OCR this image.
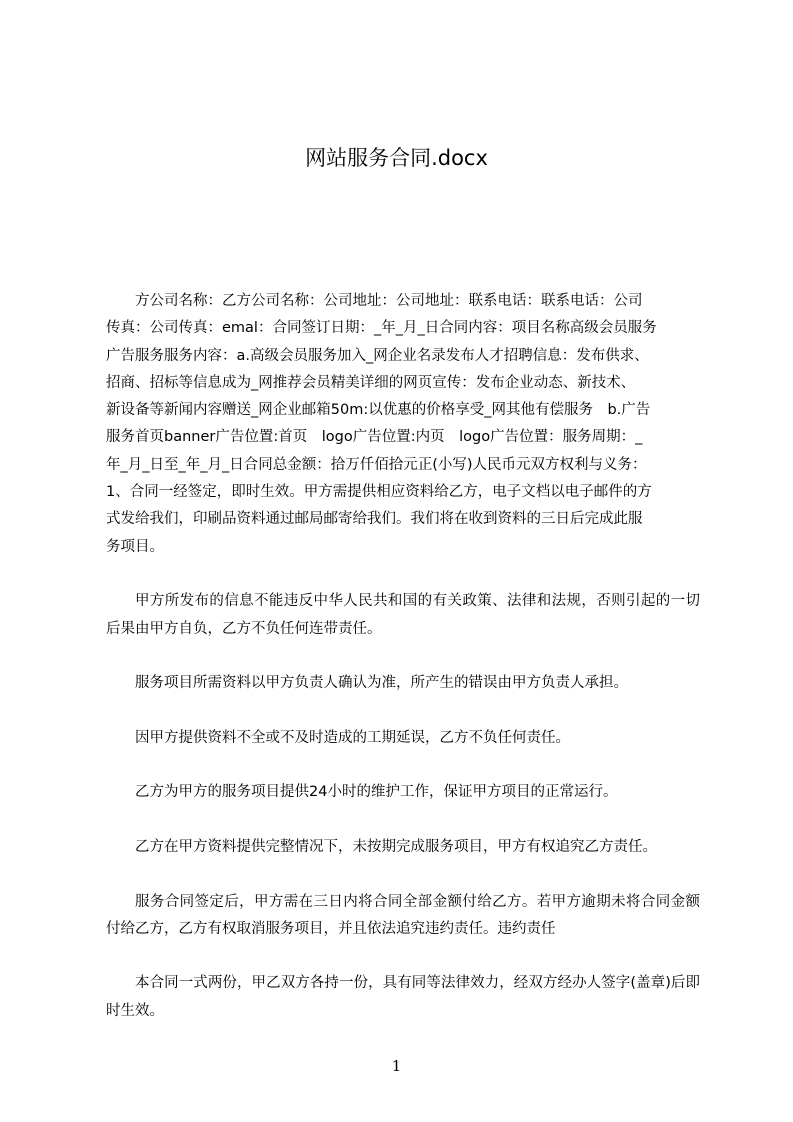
网站服务合同.docx
方公司名称：乙方公司名称：公司地址：公司地址：联系电话：联系电话：公司
传真：公司传真：emal：合同签订日期：_年_月_日合同内容：项目名称高级会员服务
广告服务服务内容：a.高级会员服务加入_网企业名录发布人才招聘信息：发布供求、
招商、招标等信息成为_网推荐会员精美详细的网页宣传：发布企业动态、新技术、
新设备等新闻内容赠送_网企业邮箱50m:以优惠的价格享受_网其他有偿服务　b.广告
服务首页banner广告位置:首页　logo广告位置:内页　logo广告位置：服务周期：_
年_月_日至_年_月_日合同总金额：拾万仟佰拾元正(小写)人民币元双方权利与义务：
1、合同一经签定，即时生效。甲方需提供相应资料给乙方，电子文档以电子邮件的方
式发给我们，印刷品资料通过邮局邮寄给我们。我们将在收到资料的三日后完成此服
务项目。

甲方所发布的信息不能违反中华人民共和国的有关政策、法律和法规，否则引起的一切后果由甲方自负，乙方不负任何连带责任。

服务项目所需资料以甲方负责人确认为准，所产生的错误由甲方负责人承担。

因甲方提供资料不全或不及时造成的工期延误，乙方不负任何责任。

乙方为甲方的服务项目提供24小时的维护工作，保证甲方项目的正常运行。

乙方在甲方资料提供完整情况下，未按期完成服务项目，甲方有权追究乙方责任。

服务合同签定后，甲方需在三日内将合同全部金额付给乙方。若甲方逾期未将合同金额付给乙方，乙方有权取消服务项目，并且依法追究违约责任。违约责任

本合同一式两份，甲乙双方各持一份，具有同等法律效力，经双方经办人签字(盖章)后即时生效。

1
